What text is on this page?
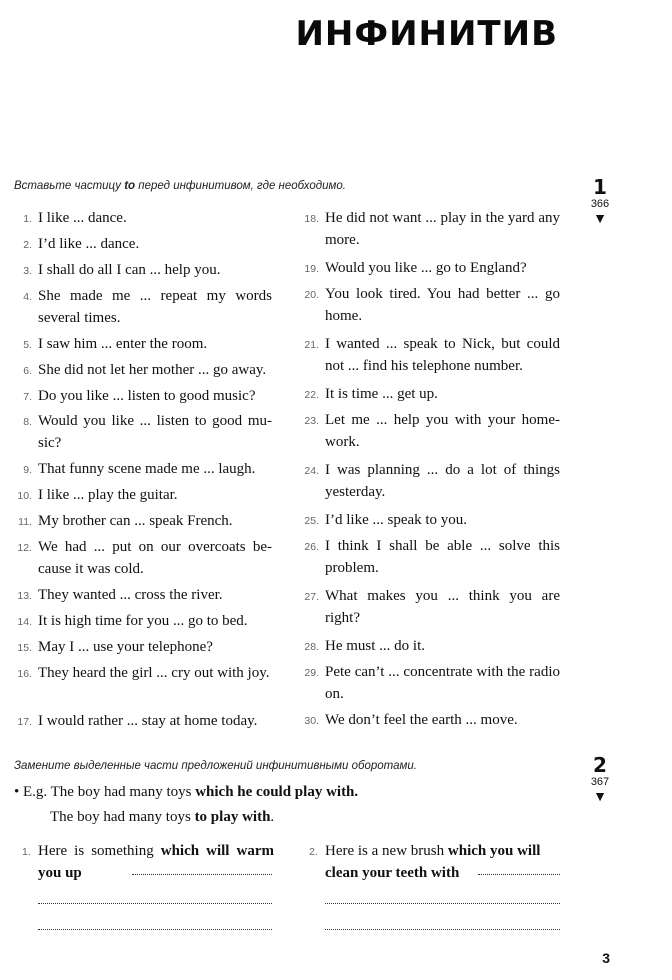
ИНФИНИТИВ
Вставьте частицу to перед инфинитивом, где необходимо.	1
366
▼
1. I like ... dance.
2. I’d like ... dance.
3. I shall do all I can ... help you.
4. She made me ... repeat my words several times.
5. I saw him ... enter the room.
6. She did not let her mother ... go away.
7. Do you like ... listen to good music?
8. Would you like ... listen to good mu-sic?
9. That funny scene made me ... laugh.
10. I like ... play the guitar.
11. My brother can ... speak French.
12. We had ... put on our overcoats be-cause it was cold.
13. They wanted ... cross the river.
14. It is high time for you ... go to bed.
15. May I ... use your telephone?
16. They heard the girl ... cry out with joy.
17. I would rather ... stay at home today.
18. He did not want ... play in the yard any more.
19. Would you like ... go to England?
20. You look tired. You had better ... go home.
21. I wanted ... speak to Nick, but could not ... find his telephone number.
22. It is time ... get up.
23. Let me ... help you with your home-work.
24. I was planning ... do a lot of things yesterday.
25. I’d like ... speak to you.
26. I think I shall be able ... solve this problem.
27. What makes you ... think you are right?
28. He must ... do it.
29. Pete can’t ... concentrate with the radio on.
30. We don’t feel the earth ... move.
Замените выделенные части предложений инфинитивными оборотами.	2
367
▼
• E.g. The boy had many toys which he could play with.
The boy had many toys to play with.
1. Here is something which will warm you up
2. Here is a new brush which you will clean your teeth with
3
